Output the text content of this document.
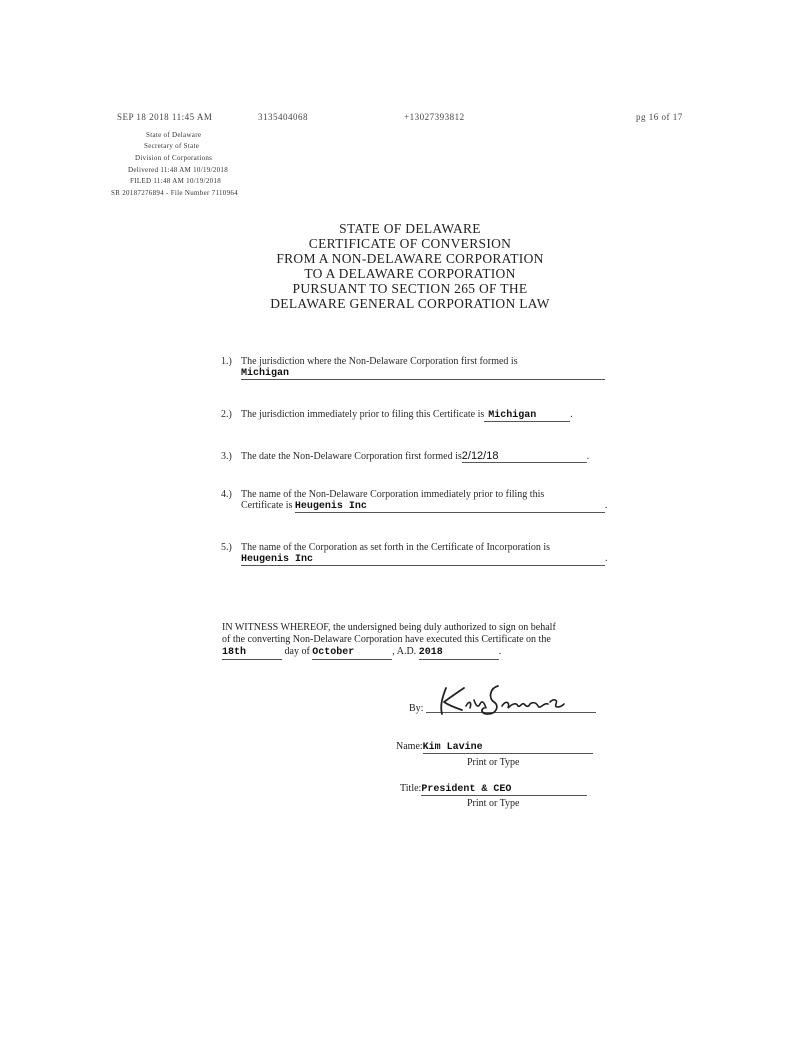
SEP 18 2018 11:45 AM	3135404068	+13027393812	pg 16 of 17
State of Delaware
Secretary of State
Division of Corporations
Delivered 11:48 AM 10/19/2018
FILED 11:48 AM 10/19/2018
SR 20187276894 - File Number 7110964
STATE OF DELAWARE
CERTIFICATE OF CONVERSION
FROM A NON-DELAWARE CORPORATION
TO A DELAWARE CORPORATION
PURSUANT TO SECTION 265 OF THE
DELAWARE GENERAL CORPORATION LAW
1.) The jurisdiction where the Non-Delaware Corporation first formed is
Michigan
2.) The jurisdiction immediately prior to filing this Certificate is Michigan	.
3.) The date the Non-Delaware Corporation first formed is2/12/18	.
4.) The name of the Non-Delaware Corporation immediately prior to filing this
Certificate is Heugenis Inc	.
5.) The name of the Corporation as set forth in the Certificate of Incorporation is
Heugenis Inc	.
IN WITNESS WHEREOF, the undersigned being duly authorized to sign on behalf
of the converting Non-Delaware Corporation have executed this Certificate on the
18th	day of October	, A.D. 2018	.
By:
Name:Kim Lavine
Print or Type
Title:President & CEO
Print or Type
